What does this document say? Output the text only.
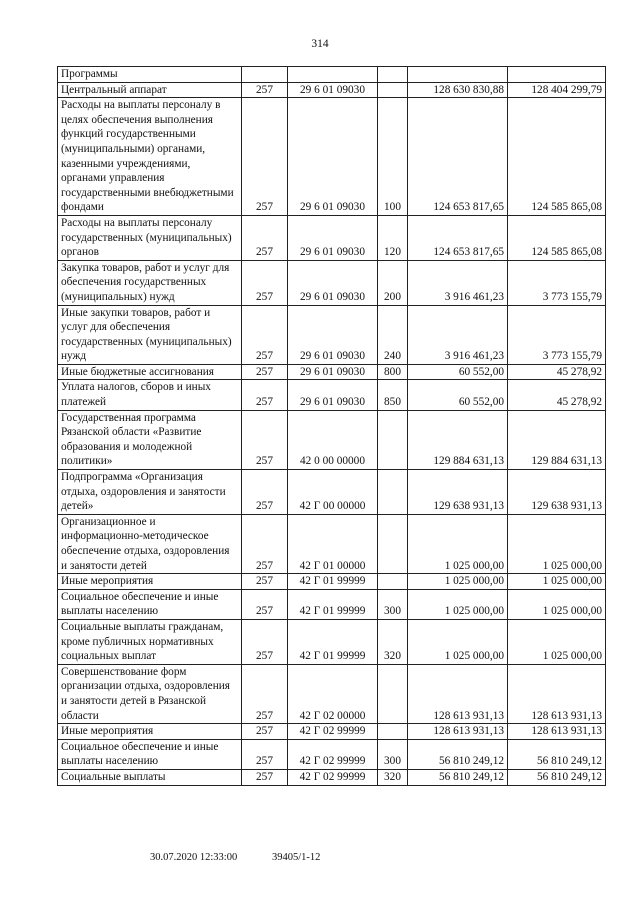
314
Программы					
Центральный аппарат	257	29 6 01 09030		128 630 830,88	128 404 299,79
Расходы на выплаты персоналу в целях обеспечения выполнения функций государственными (муниципальными) органами, казенными учреждениями, органами управления государственными внебюджетными фондами	257	29 6 01 09030	100	124 653 817,65	124 585 865,08
Расходы на выплаты персоналу государственных (муниципальных) органов	257	29 6 01 09030	120	124 653 817,65	124 585 865,08
Закупка товаров, работ и услуг для обеспечения государственных (муниципальных) нужд	257	29 6 01 09030	200	3 916 461,23	3 773 155,79
Иные закупки товаров, работ и услуг для обеспечения государственных (муниципальных) нужд	257	29 6 01 09030	240	3 916 461,23	3 773 155,79
Иные бюджетные ассигнования	257	29 6 01 09030	800	60 552,00	45 278,92
Уплата налогов, сборов и иных платежей	257	29 6 01 09030	850	60 552,00	45 278,92
Государственная программа Рязанской области «Развитие образования и молодежной политики»	257	42 0 00 00000		129 884 631,13	129 884 631,13
Подпрограмма «Организация отдыха, оздоровления и занятости детей»	257	42 Г 00 00000		129 638 931,13	129 638 931,13
Организационное и информационно-методическое обеспечение отдыха, оздоровления и занятости детей	257	42 Г 01 00000		1 025 000,00	1 025 000,00
Иные мероприятия	257	42 Г 01 99999		1 025 000,00	1 025 000,00
Социальное обеспечение и иные выплаты населению	257	42 Г 01 99999	300	1 025 000,00	1 025 000,00
Социальные выплаты гражданам, кроме публичных нормативных социальных выплат	257	42 Г 01 99999	320	1 025 000,00	1 025 000,00
Совершенствование форм организации отдыха, оздоровления и занятости детей в Рязанской области	257	42 Г 02 00000		128 613 931,13	128 613 931,13
Иные мероприятия	257	42 Г 02 99999		128 613 931,13	128 613 931,13
Социальное обеспечение и иные выплаты населению	257	42 Г 02 99999	300	56 810 249,12	56 810 249,12
Социальные выплаты	257	42 Г 02 99999	320	56 810 249,12	56 810 249,12
30.07.2020 12:33:00	39405/1-12
